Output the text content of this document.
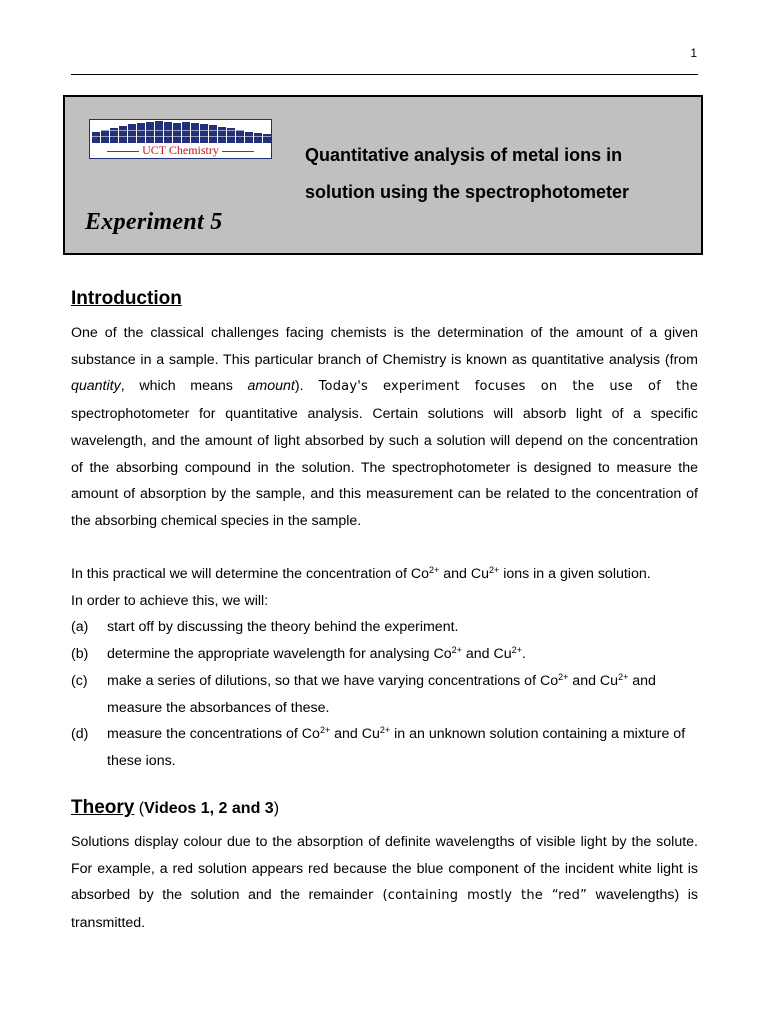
1
UCT Chemistry	Quantitative analysis of metal ions in
solution using the spectrophotometer
Experiment 5
Introduction

One of the classical challenges facing chemists is the determination of the amount of a given substance in a sample. This particular branch of Chemistry is known as quantitative analysis (from quantity, which means amount). Today's experiment focuses on the use of the spectrophotometer for quantitative analysis. Certain solutions will absorb light of a specific wavelength, and the amount of light absorbed by such a solution will depend on the concentration of the absorbing compound in the solution. The spectrophotometer is designed to measure the amount of absorption by the sample, and this measurement can be related to the concentration of the absorbing chemical species in the sample.

In this practical we will determine the concentration of $Co^{2+}$ and $Cu^{2+}$ ions in a given solution.

In order to achieve this, we will:

(a)	start off by discussing the theory behind the experiment.
(b)	determine the appropriate wavelength for analysing $Co^{2+}$ and $Cu^{2+}$.
(c)	make a series of dilutions, so that we have varying concentrations of $Co^{2+}$ and $Cu^{2+}$ and measure the absorbances of these.
(d)	measure the concentrations of $Co^{2+}$ and $Cu^{2+}$ in an unknown solution containing a mixture of these ions.
Theory (Videos 1, 2 and 3)

Solutions display colour due to the absorption of definite wavelengths of visible light by the solute. For example, a red solution appears red because the blue component of the incident white light is absorbed by the solution and the remainder (containing mostly the “red” wavelengths) is transmitted.
